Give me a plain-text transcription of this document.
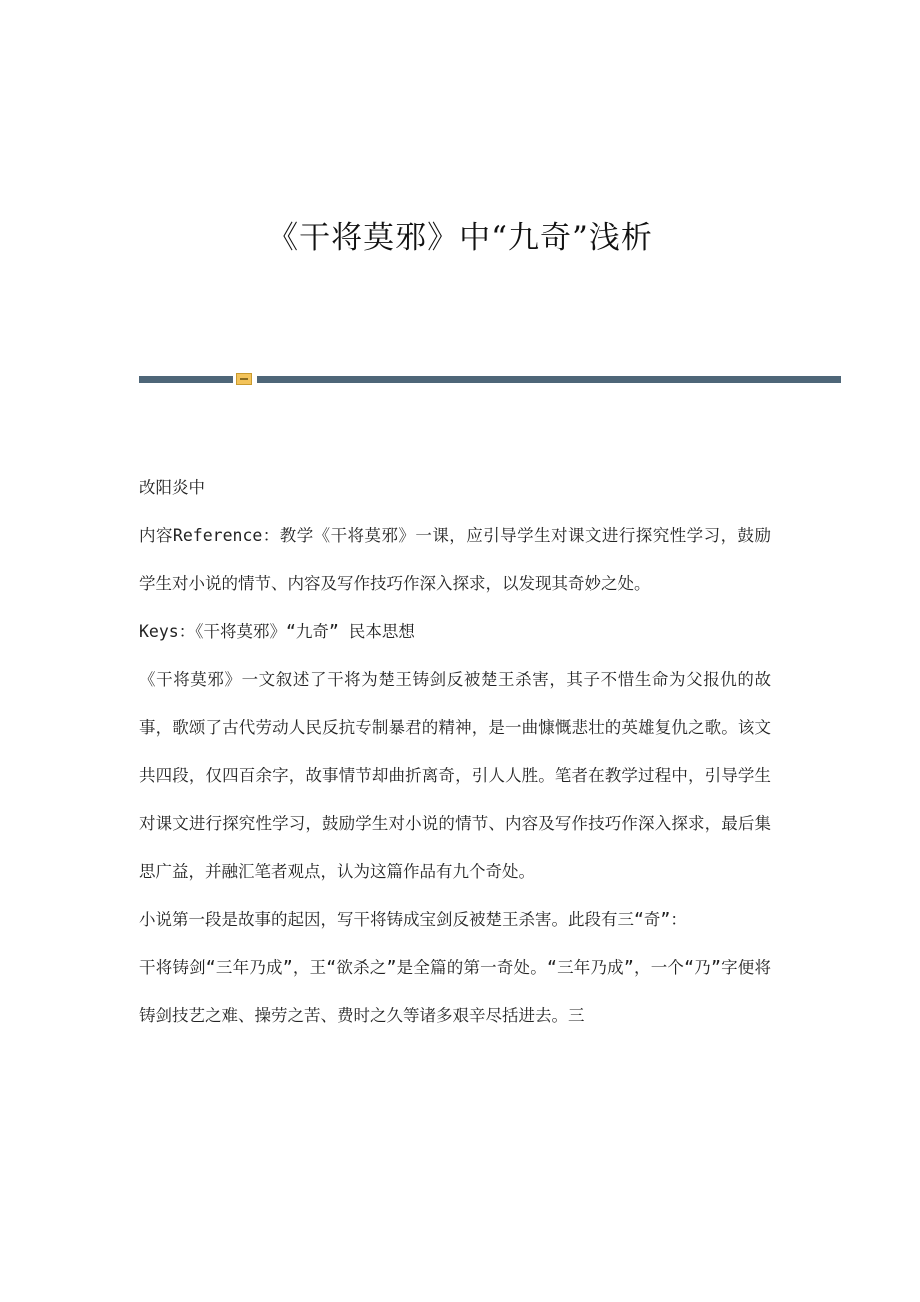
《干将莫邪》中“九奇”浅析

改阳炎中

内容Reference：教学《干将莫邪》一课，应引导学生对课文进行探究性学习，鼓励学生对小说的情节、内容及写作技巧作深入探求，以发现其奇妙之处。

Keys：《干将莫邪》“九奇” 民本思想

《干将莫邪》一文叙述了干将为楚王铸剑反被楚王杀害，其子不惜生命为父报仇的故事，歌颂了古代劳动人民反抗专制暴君的精神，是一曲慷慨悲壮的英雄复仇之歌。该文共四段，仅四百余字，故事情节却曲折离奇，引人人胜。笔者在教学过程中，引导学生对课文进行探究性学习，鼓励学生对小说的情节、内容及写作技巧作深入探求，最后集思广益，并融汇笔者观点，认为这篇作品有九个奇处。

小说第一段是故事的起因，写干将铸成宝剑反被楚王杀害。此段有三“奇”：

干将铸剑“三年乃成”，王“欲杀之”是全篇的第一奇处。“三年乃成”，一个“乃”字便将铸剑技艺之难、操劳之苦、费时之久等诸多艰辛尽括进去。三
